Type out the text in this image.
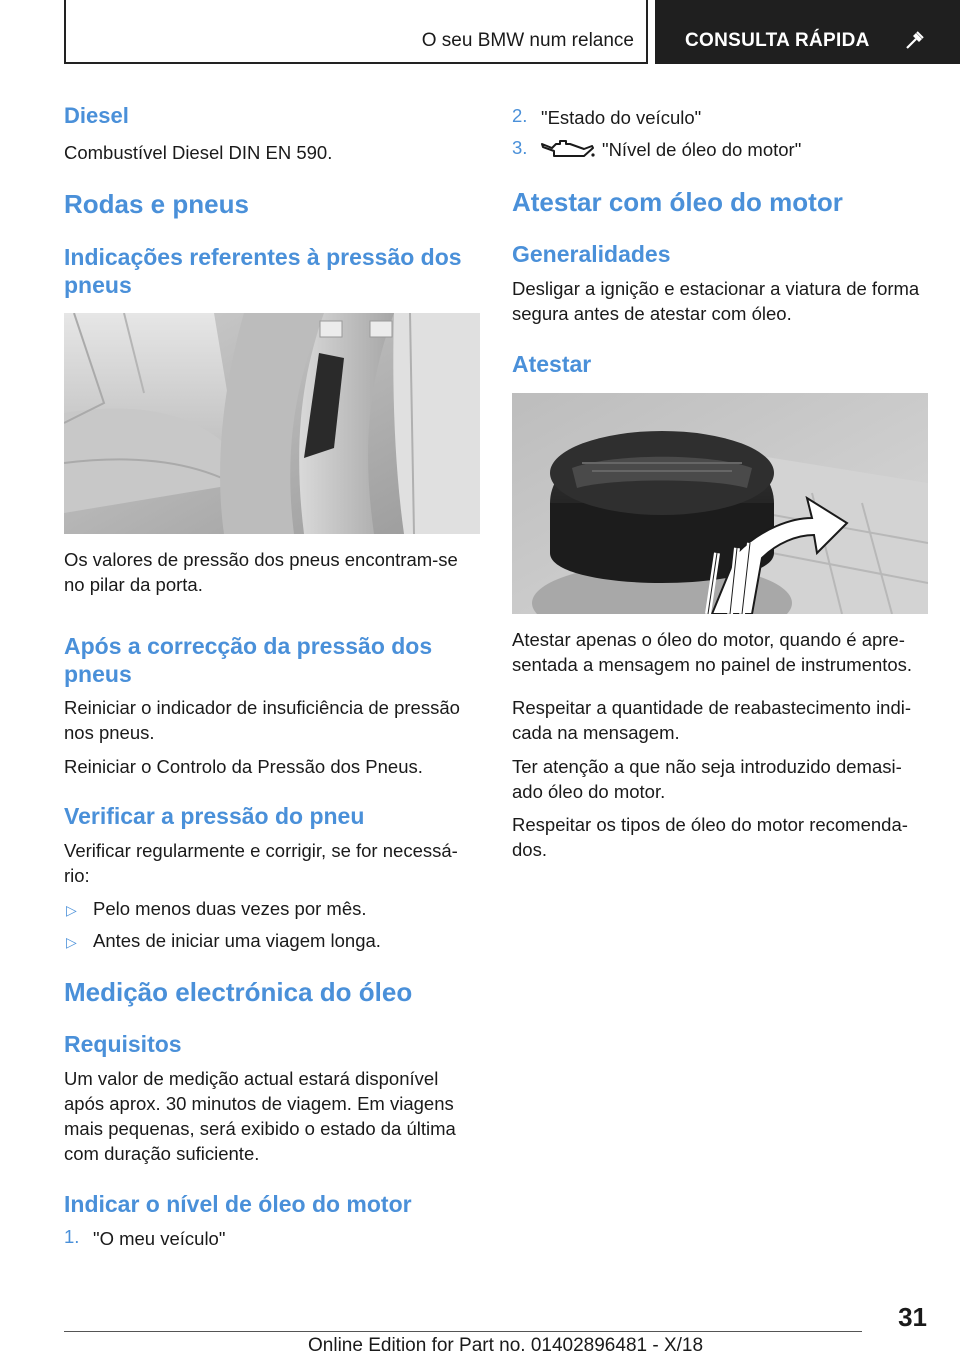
O seu BMW num relance	CONSULTA RÁPIDA
Diesel

Combustível Diesel DIN EN 590.

Rodas e pneus
Indicações referentes à pressão dos
pneus

Os valores de pressão dos pneus encontram-se

no pilar da porta.

Após a correcção da pressão dos
pneus

Reiniciar o indicador de insuficiência de pressão

nos pneus.

Reiniciar o Controlo da Pressão dos Pneus.

Verificar a pressão do pneu

Verificar regularmente e corrigir, se for necessá‐

rio:

▷ Pelo menos duas vezes por mês.

▷ Antes de iniciar uma viagem longa.

Medição electrónica do óleo
Requisitos

Um valor de medição actual estará disponível

após aprox. 30 minutos de viagem. Em viagens

mais pequenas, será exibido o estado da última

com duração suficiente.

Indicar o nível de óleo do motor
1. "O meu veículo"

2. "Estado do veículo"

3.	"Nível de óleo do motor"

Atestar com óleo do motor
Generalidades

Desligar a ignição e estacionar a viatura de forma

segura antes de atestar com óleo.

Atestar

Atestar apenas o óleo do motor, quando é apre‐

sentada a mensagem no painel de instrumentos.

Respeitar a quantidade de reabastecimento indi‐

cada na mensagem.

Ter atenção a que não seja introduzido demasi‐

ado óleo do motor.

Respeitar os tipos de óleo do motor recomenda‐

dos.

31
Online Edition for Part no. 01402896481 - X/18
